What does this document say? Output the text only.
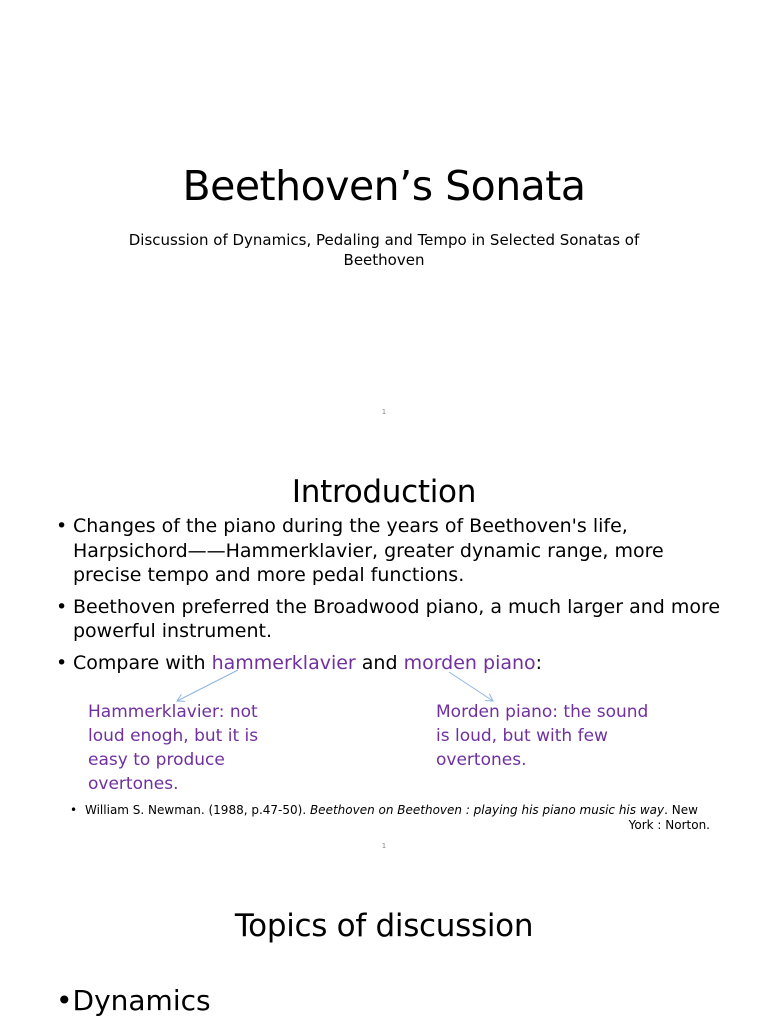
Beethoven’s Sonata
Discussion of Dynamics, Pedaling and Tempo in Selected Sonatas of Beethoven
1
Introduction
• Changes of the piano during the years of Beethoven's life, Harpsichord——Hammerklavier, greater dynamic range, more precise tempo and more pedal functions.
• Beethoven preferred the Broadwood piano, a much larger and more powerful instrument.
• Compare with hammerklavier and morden piano:
Hammerklavier: not loud enogh, but it is easy to produce overtones.
Morden piano: the sound is loud, but with few overtones.
• William S. Newman. (1988, p.47-50). Beethoven on Beethoven : playing his piano music his way. New
York : Norton.
1
Topics of discussion
•Dynamics
